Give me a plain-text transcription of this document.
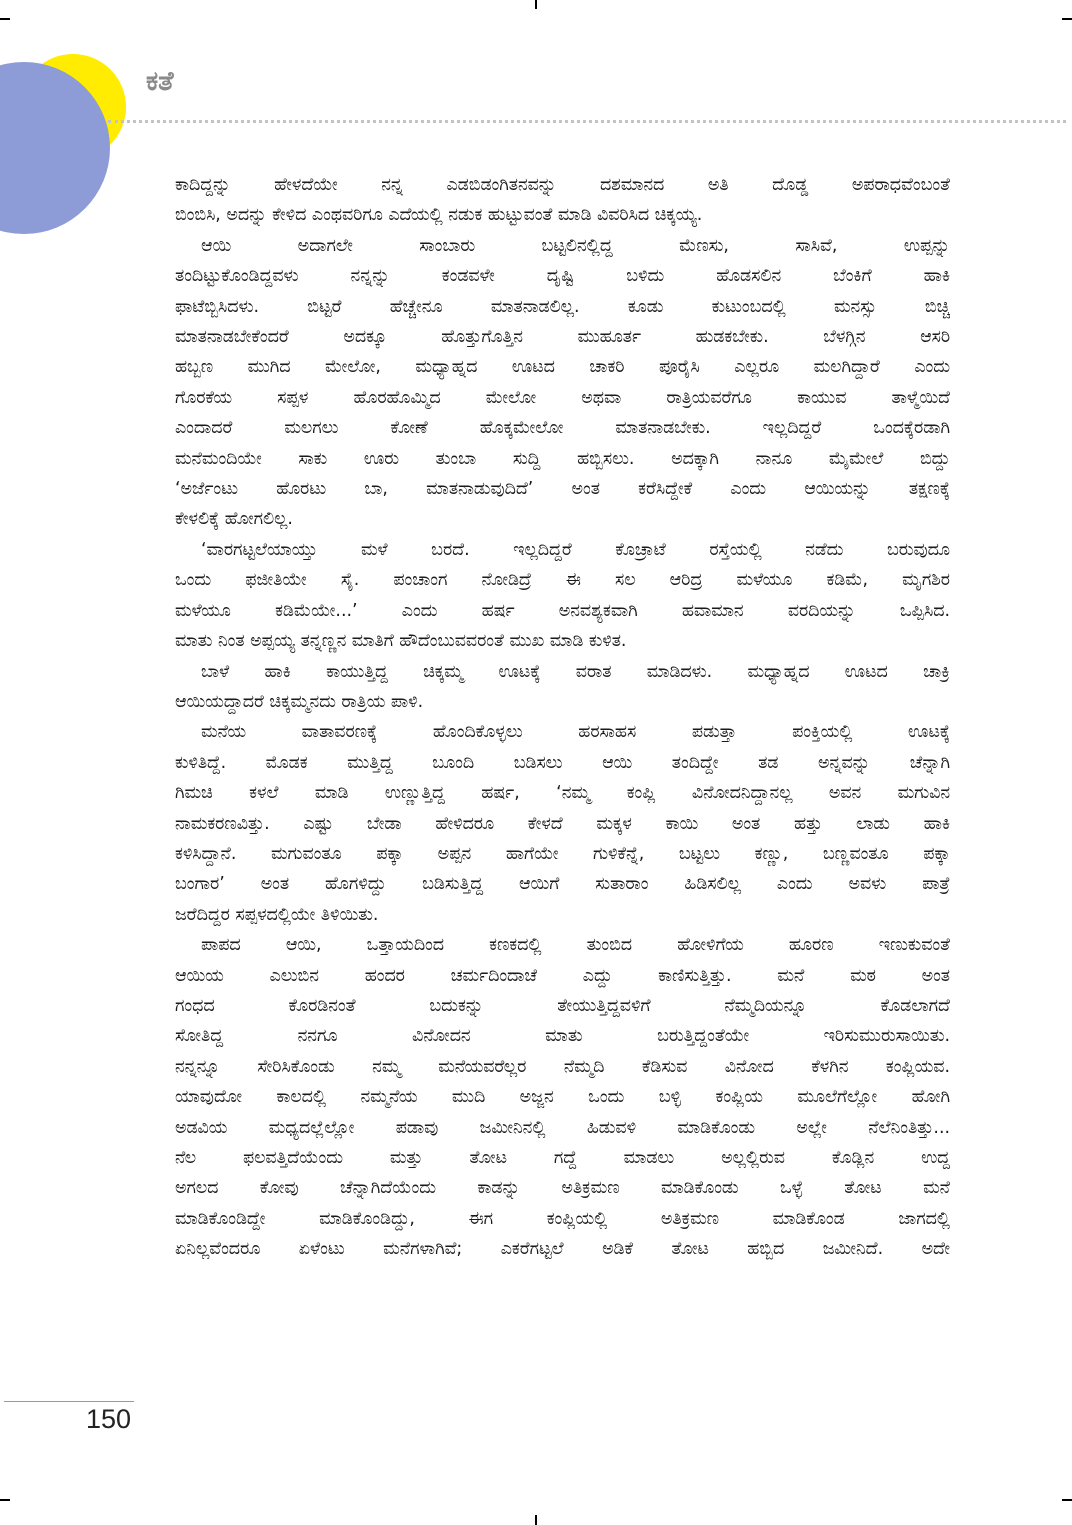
ಕತೆ

ಕಾದಿದ್ದನ್ನು ಹೇಳದೆಯೇ ನನ್ನ ಎಡಬಿಡಂಗಿತನವನ್ನು ದಶಮಾನದ ಅತಿ ದೊಡ್ಡ ಅಪರಾಧವೆಂಬಂತೆ

ಬಿಂಬಿಸಿ, ಅದನ್ನು ಕೇಳಿದ ಎಂಥವರಿಗೂ ಎದೆಯಲ್ಲಿ ನಡುಕ ಹುಟ್ಟುವಂತೆ ಮಾಡಿ ವಿವರಿಸಿದ ಚಿಕ್ಕಯ್ಯ.

ಆಯಿ ಅದಾಗಲೇ ಸಾಂಬಾರು ಬಟ್ಟಲಿನಲ್ಲಿದ್ದ ಮೆಣಸು, ಸಾಸಿವೆ, ಉಪ್ಪನ್ನು

ತಂದಿಟ್ಟುಕೊಂಡಿದ್ದವಳು ನನ್ನನ್ನು ಕಂಡವಳೇ ದೃಷ್ಟಿ ಬಳಿದು ಹೊಡಸಲಿನ ಬೆಂಕಿಗೆ ಹಾಕಿ

ಫಾಟೆಬ್ಬಿಸಿದಳು. ಬಿಟ್ಟರೆ ಹೆಚ್ಚೇನೂ ಮಾತನಾಡಲಿಲ್ಲ. ಕೂಡು ಕುಟುಂಬದಲ್ಲಿ ಮನಸ್ಸು ಬಿಚ್ಚಿ

ಮಾತನಾಡಬೇಕೆಂದರೆ ಅದಕ್ಕೂ ಹೊತ್ತುಗೊತ್ತಿನ ಮುಹೂರ್ತ ಹುಡಕಬೇಕು. ಬೆಳಗ್ಗಿನ ಆಸರಿ

ಹಬ್ಬಣ ಮುಗಿದ ಮೇಲೋ, ಮಧ್ಯಾಹ್ನದ ಊಟದ ಚಾಕರಿ ಪೂರೈಸಿ ಎಲ್ಲರೂ ಮಲಗಿದ್ದಾರೆ ಎಂದು

ಗೊರಕೆಯ ಸಪ್ಪಳ ಹೊರಹೊಮ್ಮಿದ ಮೇಲೋ ಅಥವಾ ರಾತ್ರಿಯವರೆಗೂ ಕಾಯುವ ತಾಳ್ಮೆಯಿದೆ

ಎಂದಾದರೆ ಮಲಗಲು ಕೋಣೆ ಹೊಕ್ಕಮೇಲೋ ಮಾತನಾಡಬೇಕು. ಇಲ್ಲದಿದ್ದರೆ ಒಂದಕ್ಕೆರಡಾಗಿ

ಮನೆಮಂದಿಯೇ ಸಾಕು ಊರು ತುಂಬಾ ಸುದ್ದಿ ಹಬ್ಬಿಸಲು. ಅದಕ್ಕಾಗಿ ನಾನೂ ಮೈಮೇಲೆ ಬಿದ್ದು

‘ಅರ್ಜೆಂಟು ಹೊರಟು ಬಾ, ಮಾತನಾಡುವುದಿದೆ’ ಅಂತ ಕರೆಸಿದ್ದೇಕೆ ಎಂದು ಆಯಿಯನ್ನು ತಕ್ಷಣಕ್ಕೆ

ಕೇಳಲಿಕ್ಕೆ ಹೋಗಲಿಲ್ಲ.

‘ವಾರಗಟ್ಟಲೆಯಾಯ್ತು ಮಳೆ ಬರದೆ. ಇಲ್ಲದಿದ್ದರೆ ಕೊಚ್ರಾಟೆ ರಸ್ತೆಯಲ್ಲಿ ನಡೆದು ಬರುವುದೂ

ಒಂದು ಫಜೀತಿಯೇ ಸೈ. ಪಂಚಾಂಗ ನೋಡಿದ್ರೆ ಈ ಸಲ ಆರಿದ್ರ ಮಳೆಯೂ ಕಡಿಮೆ, ಮೃಗಶಿರ

ಮಳೆಯೂ ಕಡಿಮೆಯೇ...’ ಎಂದು ಹರ್ಷ ಅನವಶ್ಯಕವಾಗಿ ಹವಾಮಾನ ವರದಿಯನ್ನು ಒಪ್ಪಿಸಿದ.

ಮಾತು ನಿಂತ ಅಪ್ಪಯ್ಯ ತನ್ನಣ್ಣನ ಮಾತಿಗೆ ಹೌದೆಂಬುವವರಂತೆ ಮುಖ ಮಾಡಿ ಕುಳಿತ.

ಬಾಳೆ ಹಾಕಿ ಕಾಯುತ್ತಿದ್ದ ಚಿಕ್ಕಮ್ಮ ಊಟಕ್ಕೆ ವರಾತ ಮಾಡಿದಳು. ಮಧ್ಯಾಹ್ನದ ಊಟದ ಚಾಕ್ರಿ

ಆಯಿಯದ್ದಾದರೆ ಚಿಕ್ಕಮ್ಮನದು ರಾತ್ರಿಯ ಪಾಳಿ.

ಮನೆಯ ವಾತಾವರಣಕ್ಕೆ ಹೊಂದಿಕೊಳ್ಳಲು ಹರಸಾಹಸ ಪಡುತ್ತಾ ಪಂಕ್ತಿಯಲ್ಲಿ ಊಟಕ್ಕೆ

ಕುಳಿತಿದ್ದೆ. ಮೊಡಕ ಮುತ್ತಿದ್ದ ಬೂಂದಿ ಬಡಿಸಲು ಆಯಿ ತಂದಿದ್ದೇ ತಡ ಅನ್ನವನ್ನು ಚೆನ್ನಾಗಿ

ಗಿಮಚಿ ಕಳಲೆ ಮಾಡಿ ಉಣ್ಣುತ್ತಿದ್ದ ಹರ್ಷ, ‘ನಮ್ಮ ಕಂಪ್ಲಿ ವಿನೋದನಿದ್ದಾನಲ್ಲ ಅವನ ಮಗುವಿನ

ನಾಮಕರಣವಿತ್ತು. ಎಷ್ಟು ಬೇಡಾ ಹೇಳಿದರೂ ಕೇಳದೆ ಮಕ್ಕಳ ಕಾಯಿ ಅಂತ ಹತ್ತು ಲಾಡು ಹಾಕಿ

ಕಳಿಸಿದ್ದಾನೆ. ಮಗುವಂತೂ ಪಕ್ಕಾ ಅಪ್ಪನ ಹಾಗೆಯೇ ಗುಳಿಕೆನ್ನೆ, ಬಟ್ಟಲು ಕಣ್ಣು, ಬಣ್ಣವಂತೂ ಪಕ್ಕಾ

ಬಂಗಾರ’ ಅಂತ ಹೊಗಳಿದ್ದು ಬಡಿಸುತ್ತಿದ್ದ ಆಯಿಗೆ ಸುತಾರಾಂ ಹಿಡಿಸಲಿಲ್ಲ ಎಂದು ಅವಳು ಪಾತ್ರೆ

ಜರೆದಿದ್ದರ ಸಪ್ಪಳದಲ್ಲಿಯೇ ತಿಳಿಯಿತು.

ಪಾಪದ ಆಯಿ, ಒತ್ತಾಯದಿಂದ ಕಣಕದಲ್ಲಿ ತುಂಬಿದ ಹೋಳಿಗೆಯ ಹೂರಣ ಇಣುಕುವಂತೆ

ಆಯಿಯ ಎಲುಬಿನ ಹಂದರ ಚರ್ಮದಿಂದಾಚೆ ಎದ್ದು ಕಾಣಿಸುತ್ತಿತ್ತು. ಮನೆ ಮಠ ಅಂತ

ಗಂಧದ ಕೊರಡಿನಂತೆ ಬದುಕನ್ನು ತೇಯುತ್ತಿದ್ದವಳಿಗೆ ನೆಮ್ಮದಿಯನ್ನೂ ಕೊಡಲಾಗದೆ

ಸೋತಿದ್ದ ನನಗೂ ವಿನೋದನ ಮಾತು ಬರುತ್ತಿದ್ದಂತೆಯೇ ಇರಿಸುಮುರುಸಾಯಿತು.

ನನ್ನನ್ನೂ ಸೇರಿಸಿಕೊಂಡು ನಮ್ಮ ಮನೆಯವರೆಲ್ಲರ ನೆಮ್ಮದಿ ಕೆಡಿಸುವ ವಿನೋದ ಕೆಳಗಿನ ಕಂಪ್ಲಿಯವ.

ಯಾವುದೋ ಕಾಲದಲ್ಲಿ ನಮ್ಮನೆಯ ಮುದಿ ಅಜ್ಜನ ಒಂದು ಬಳ್ಳಿ ಕಂಪ್ಲಿಯ ಮೂಲೆಗೆಲ್ಲೋ ಹೋಗಿ

ಅಡವಿಯ ಮಧ್ಯದಲ್ಲೆಲ್ಲೋ ಪಡಾವು ಜಮೀನಿನಲ್ಲಿ ಹಿಡುವಳಿ ಮಾಡಿಕೊಂಡು ಅಲ್ಲೇ ನೆಲೆನಿಂತಿತ್ತು...

ನೆಲ ಫಲವತ್ತಿದೆಯೆಂದು ಮತ್ತು ತೋಟ ಗದ್ದೆ ಮಾಡಲು ಅಲ್ಲಲ್ಲಿರುವ ಕೊಡ್ಲಿನ ಉದ್ದ

ಅಗಲದ ಕೋವು ಚೆನ್ನಾಗಿದೆಯೆಂದು ಕಾಡನ್ನು ಅತಿಕ್ರಮಣ ಮಾಡಿಕೊಂಡು ಒಳ್ಳೆ ತೋಟ ಮನೆ

ಮಾಡಿಕೊಂಡಿದ್ದೇ ಮಾಡಿಕೊಂಡಿದ್ದು, ಈಗ ಕಂಪ್ಲಿಯಲ್ಲಿ ಅತಿಕ್ರಮಣ ಮಾಡಿಕೊಂಡ ಜಾಗದಲ್ಲಿ

ಏನಿಲ್ಲವೆಂದರೂ ಏಳೆಂಟು ಮನೆಗಳಾಗಿವೆ; ಎಕರೆಗಟ್ಟಲೆ ಅಡಿಕೆ ತೋಟ ಹಬ್ಬಿದ ಜಮೀನಿದೆ. ಅದೇ

150
